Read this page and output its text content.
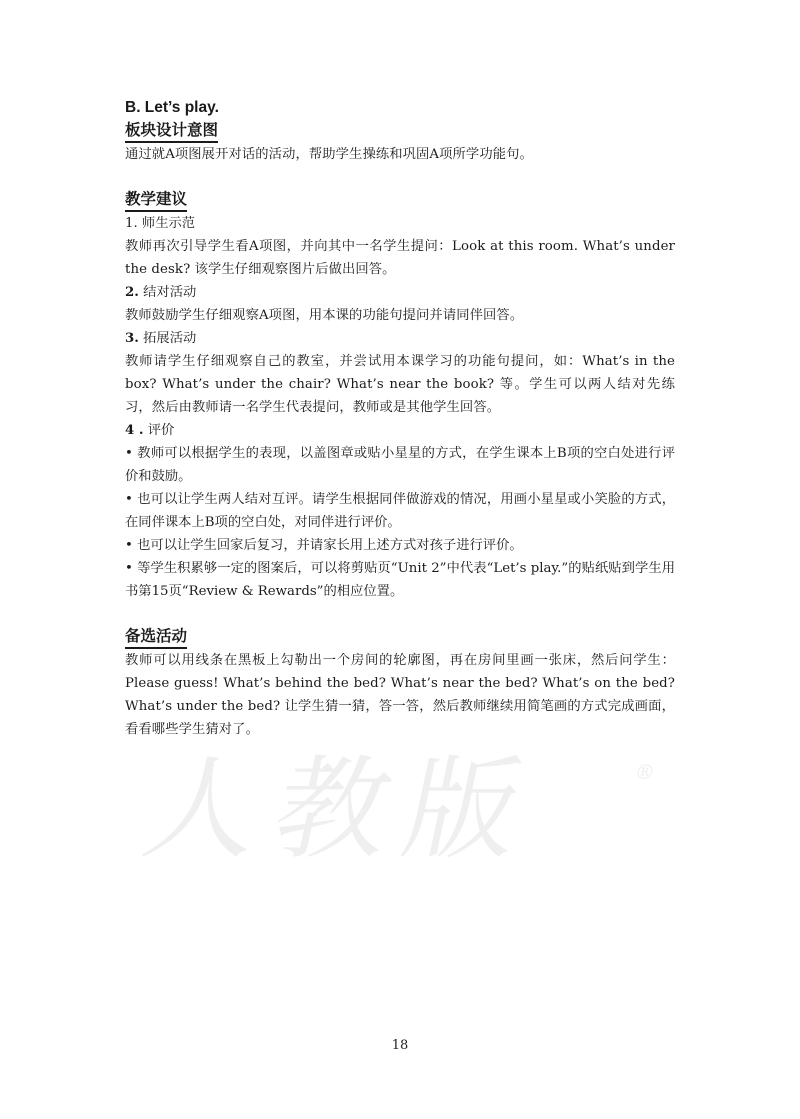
人教版	®

B. Let’s play.

板块设计意图

通过就A项图展开对话的活动，帮助学生操练和巩固A项所学功能句。

教学建议

1. 师生示范

教师再次引导学生看A项图，并向其中一名学生提问：Look at this room. What’s under the desk? 该学生仔细观察图片后做出回答。

2. 结对活动

教师鼓励学生仔细观察A项图，用本课的功能句提问并请同伴回答。

3. 拓展活动

教师请学生仔细观察自己的教室，并尝试用本课学习的功能句提问，如：What’s in the box? What’s under the chair? What’s near the book? 等。学生可以两人结对先练习，然后由教师请一名学生代表提问，教师或是其他学生回答。

4 . 评价

• 教师可以根据学生的表现，以盖图章或贴小星星的方式，在学生课本上B项的空白处进行评价和鼓励。

• 也可以让学生两人结对互评。请学生根据同伴做游戏的情况，用画小星星或小笑脸的方式，在同伴课本上B项的空白处，对同伴进行评价。

• 也可以让学生回家后复习，并请家长用上述方式对孩子进行评价。

• 等学生积累够一定的图案后，可以将剪贴页“Unit 2”中代表“Let’s play.”的贴纸贴到学生用书第15页“Review & Rewards”的相应位置。

备选活动

教师可以用线条在黑板上勾勒出一个房间的轮廓图，再在房间里画一张床，然后问学生：Please guess! What’s behind the bed? What’s near the bed? What’s on the bed? What’s under the bed? 让学生猜一猜，答一答，然后教师继续用简笔画的方式完成画面，看看哪些学生猜对了。

18
